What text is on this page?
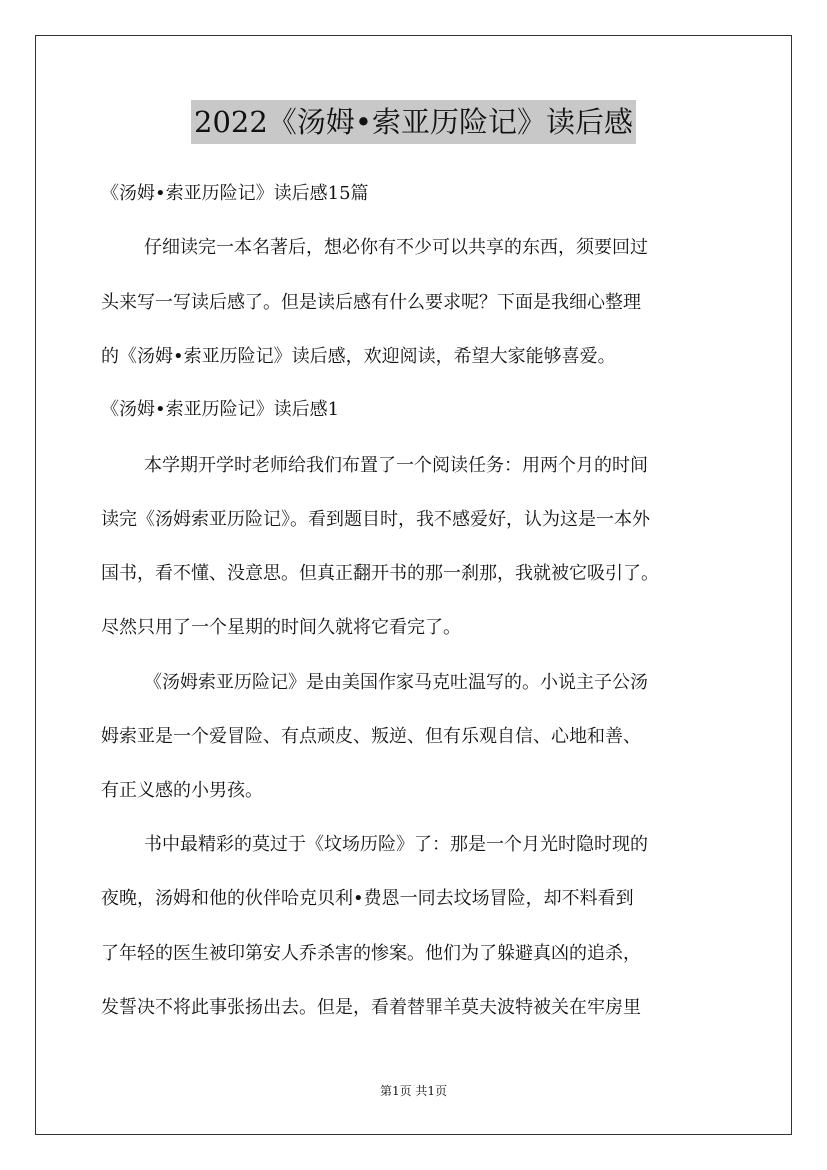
2022《汤姆•索亚历险记》读后感
《汤姆•索亚历险记》读后感15篇
仔细读完一本名著后，想必你有不少可以共享的东西，须要回过
头来写一写读后感了。但是读后感有什么要求呢？下面是我细心整理
的《汤姆•索亚历险记》读后感，欢迎阅读，希望大家能够喜爱。
《汤姆•索亚历险记》读后感1
本学期开学时老师给我们布置了一个阅读任务：用两个月的时间
读完《汤姆索亚历险记》。看到题目时，我不感爱好，认为这是一本外
国书，看不懂、没意思。但真正翻开书的那一刹那，我就被它吸引了。
尽然只用了一个星期的时间久就将它看完了。
《汤姆索亚历险记》是由美国作家马克吐温写的。小说主子公汤
姆索亚是一个爱冒险、有点顽皮、叛逆、但有乐观自信、心地和善、
有正义感的小男孩。
书中最精彩的莫过于《坟场历险》了：那是一个月光时隐时现的
夜晚，汤姆和他的伙伴哈克贝利•费恩一同去坟场冒险，却不料看到
了年轻的医生被印第安人乔杀害的惨案。他们为了躲避真凶的追杀，
发誓决不将此事张扬出去。但是，看着替罪羊莫夫波特被关在牢房里
第1页 共1页
